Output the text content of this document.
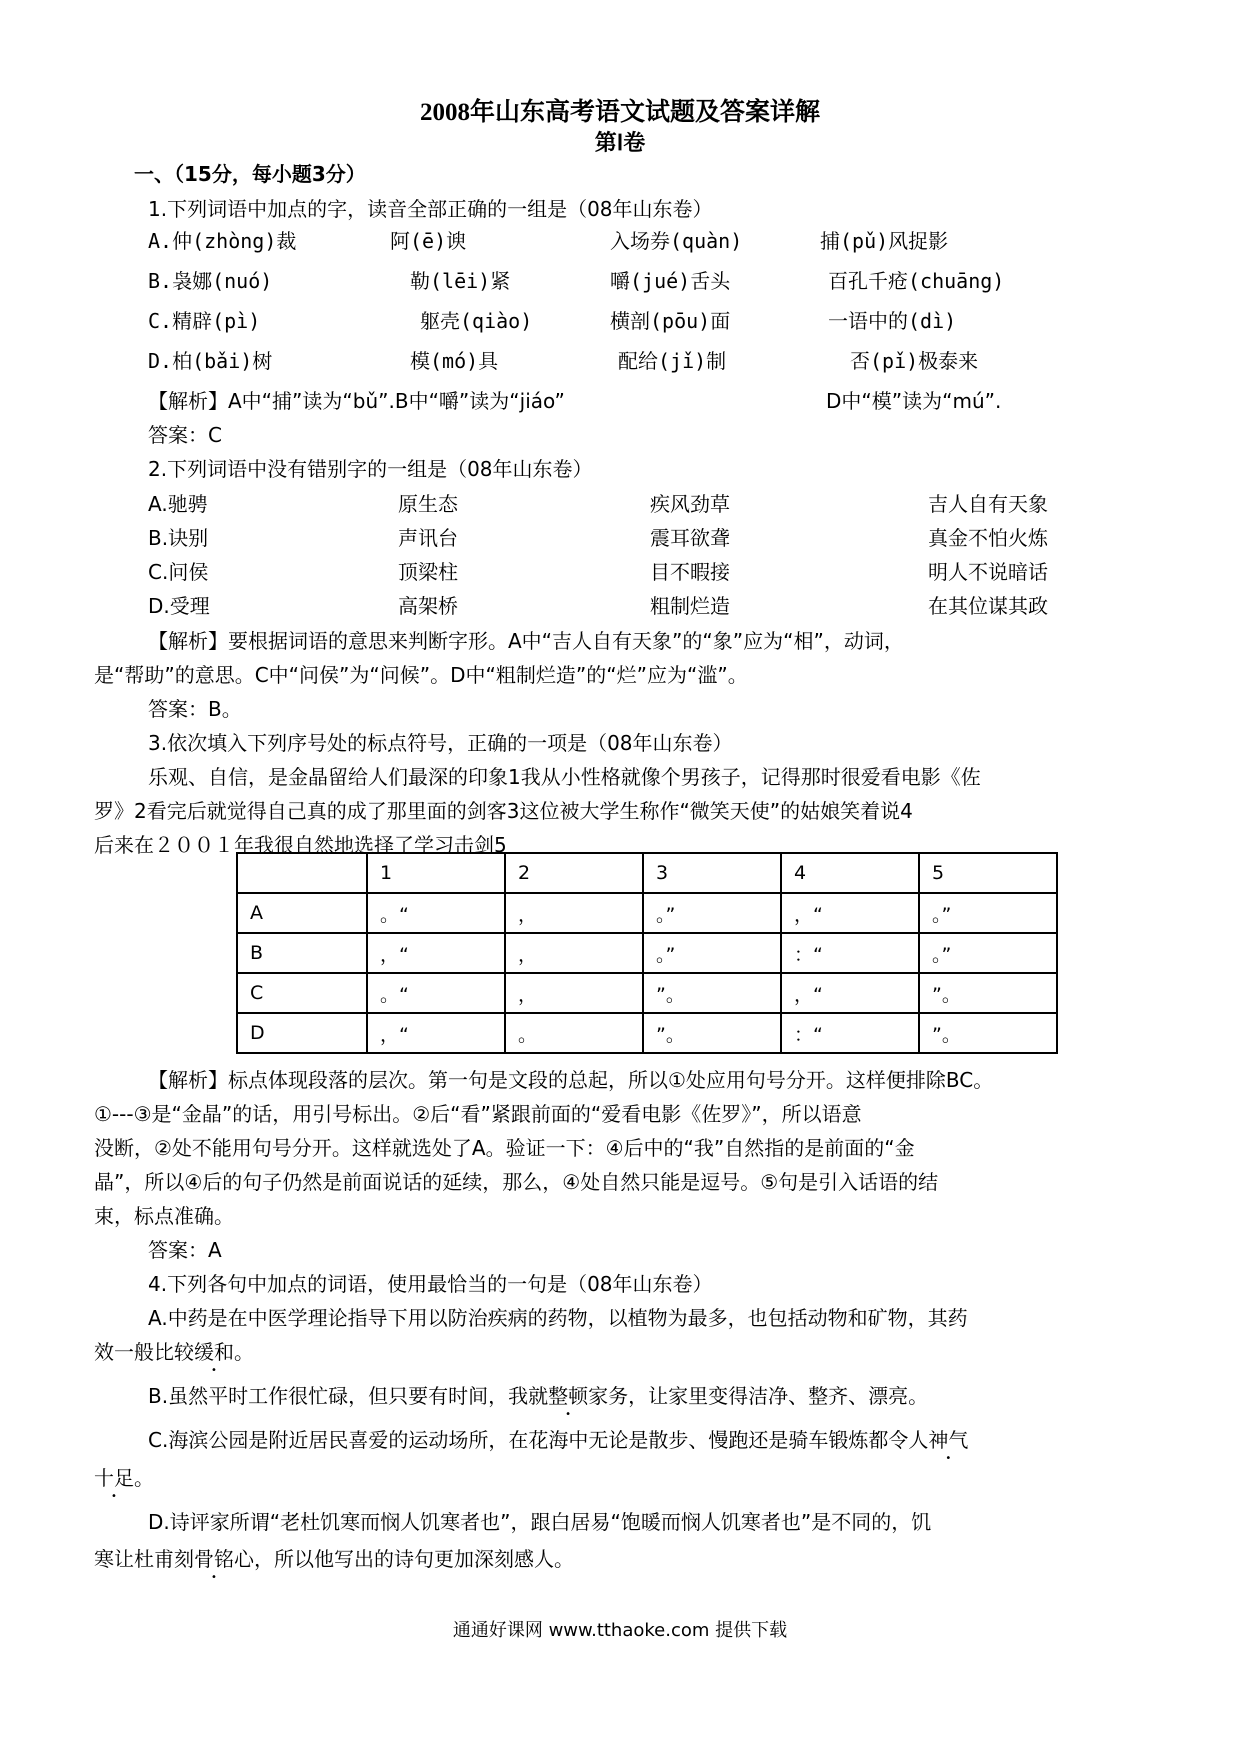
2008年山东高考语文试题及答案详解
第Ⅰ卷
一、（15分，每小题3分）
1.下列词语中加点的字，读音全部正确的一组是（08年山东卷）
A.仲(zhòng)裁	阿(ē)谀	入场券(quàn)	捕(pǔ)风捉影
B.袅娜(nuó)	勒(lēi)紧	嚼(jué)舌头	百孔千疮(chuāng)
C.精辟(pì)	躯壳(qiào)	横剖(pōu)面	一语中的(dì)
D.柏(bǎi)树	模(mó)具	配给(jǐ)制	否(pǐ)极泰来
【解析】A中“捕”读为“bǔ”.B中“嚼”读为“jiáo”	D中“模”读为“mú”.
答案：C
2.下列词语中没有错别字的一组是（08年山东卷）
A.驰骋	原生态	疾风劲草	吉人自有天象
B.诀别	声讯台	震耳欲聋	真金不怕火炼
C.问侯	顶梁柱	目不暇接	明人不说暗话
D.受理	高架桥	粗制烂造	在其位谋其政
【解析】要根据词语的意思来判断字形。A中“吉人自有天象”的“象”应为“相”，动词，
是“帮助”的意思。C中“问侯”为“问候”。D中“粗制烂造”的“烂”应为“滥”。
答案：B。
3.依次填入下列序号处的标点符号，正确的一项是（08年山东卷）
乐观、自信，是金晶留给人们最深的印象1我从小性格就像个男孩子，记得那时很爱看电影《佐
罗》2看完后就觉得自己真的成了那里面的剑客3这位被大学生称作“微笑天使”的姑娘笑着说4
后来在２００１年我很自然地选择了学习击剑5
	1	2	3	4	5
A	。“	，	。”	，“	。”
B	，“	，	。”	：“	。”
C	。“	，	”。	，“	”。
D	，“	。	”。	：“	”。
【解析】标点体现段落的层次。第一句是文段的总起，所以①处应用句号分开。这样便排除BC。
①---③是“金晶”的话，用引号标出。②后“看”紧跟前面的“爱看电影《佐罗》”，所以语意
没断，②处不能用句号分开。这样就选处了A。验证一下：④后中的“我”自然指的是前面的“金
晶”，所以④后的句子仍然是前面说话的延续，那么，④处自然只能是逗号。⑤句是引入话语的结
束，标点准确。
答案：A
4.下列各句中加点的词语，使用最恰当的一句是（08年山东卷）
A.中药是在中医学理论指导下用以防治疾病的药物，以植物为最多，也包括动物和矿物，其药
效一般比较缓和。
B.虽然平时工作很忙碌，但只要有时间，我就整顿家务，让家里变得洁净、整齐、漂亮。
C.海滨公园是附近居民喜爱的运动场所，在花海中无论是散步、慢跑还是骑车锻炼都令人神气
十足。
D.诗评家所谓“老杜饥寒而悯人饥寒者也”，跟白居易“饱暖而悯人饥寒者也”是不同的，饥
寒让杜甫刻骨铭心，所以他写出的诗句更加深刻感人。
通通好课网 www.tthaoke.com 提供下载
